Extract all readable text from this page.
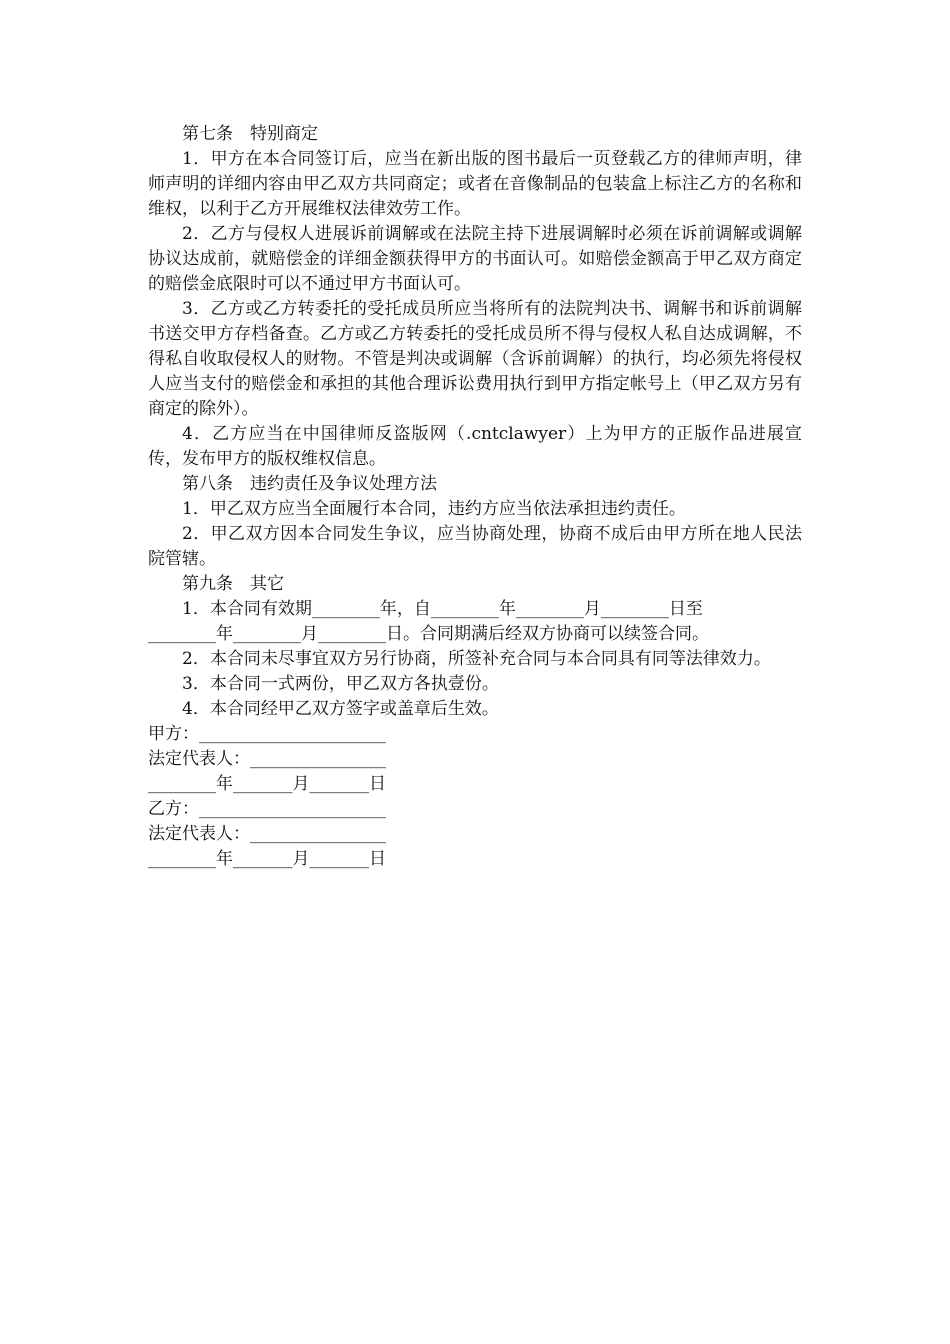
第七条　特别商定

1．甲方在本合同签订后，应当在新出版的图书最后一页登载乙方的律师声明，律师声明的详细内容由甲乙双方共同商定；或者在音像制品的包装盒上标注乙方的名称和维权，以利于乙方开展维权法律效劳工作。

2．乙方与侵权人进展诉前调解或在法院主持下进展调解时必须在诉前调解或调解协议达成前，就赔偿金的详细金额获得甲方的书面认可。如赔偿金额高于甲乙双方商定的赔偿金底限时可以不通过甲方书面认可。

3．乙方或乙方转委托的受托成员所应当将所有的法院判决书、调解书和诉前调解书送交甲方存档备查。乙方或乙方转委托的受托成员所不得与侵权人私自达成调解，不得私自收取侵权人的财物。不管是判决或调解（含诉前调解）的执行，均必须先将侵权人应当支付的赔偿金和承担的其他合理诉讼费用执行到甲方指定帐号上（甲乙双方另有商定的除外）。

4．乙方应当在中国律师反盗版网（.cntclawyer）上为甲方的正版作品进展宣传，发布甲方的版权维权信息。

第八条　违约责任及争议处理方法

1．甲乙双方应当全面履行本合同，违约方应当依法承担违约责任。

2．甲乙双方因本合同发生争议，应当协商处理，协商不成后由甲方所在地人民法院管辖。

第九条　其它

1．本合同有效期________年，自________年________月________日至

________年________月________日。合同期满后经双方协商可以续签合同。

2．本合同未尽事宜双方另行协商，所签补充合同与本合同具有同等法律效力。

3．本合同一式两份，甲乙双方各执壹份。

4．本合同经甲乙双方签字或盖章后生效。

甲方：______________________

法定代表人：________________

________年_______月_______日

乙方：______________________

法定代表人：________________

________年_______月_______日
